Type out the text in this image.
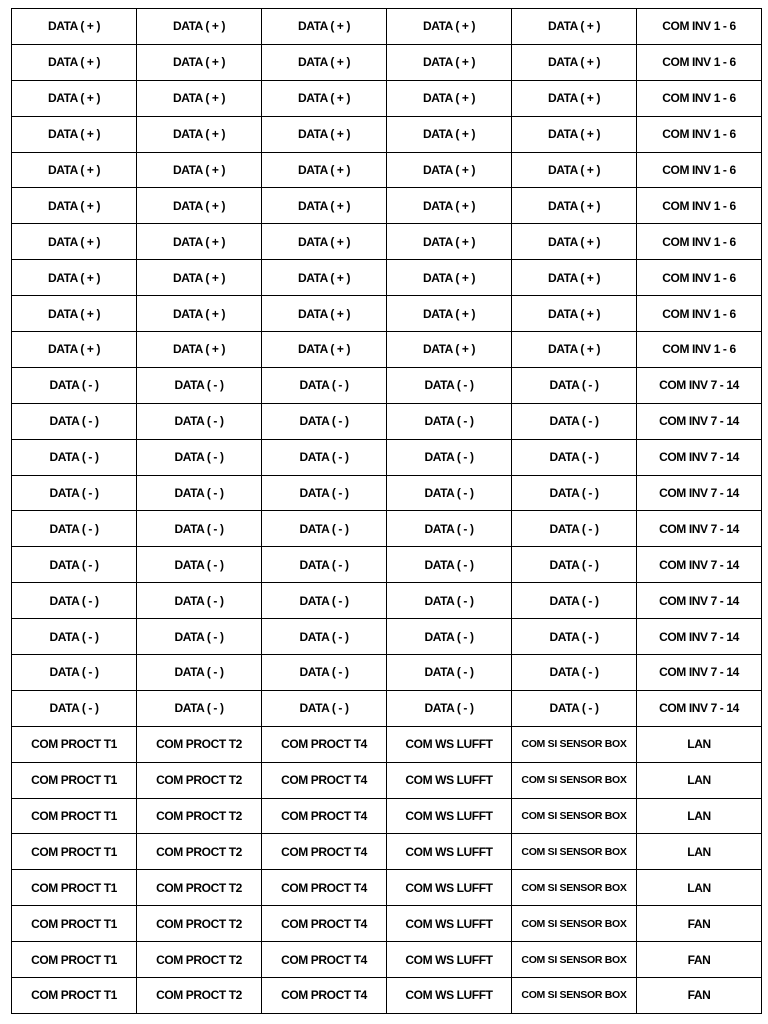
DATA ( + )	DATA ( + )	DATA ( + )	DATA ( + )	DATA ( + )	COM INV 1 - 6
DATA ( + )	DATA ( + )	DATA ( + )	DATA ( + )	DATA ( + )	COM INV 1 - 6
DATA ( + )	DATA ( + )	DATA ( + )	DATA ( + )	DATA ( + )	COM INV 1 - 6
DATA ( + )	DATA ( + )	DATA ( + )	DATA ( + )	DATA ( + )	COM INV 1 - 6
DATA ( + )	DATA ( + )	DATA ( + )	DATA ( + )	DATA ( + )	COM INV 1 - 6
DATA ( + )	DATA ( + )	DATA ( + )	DATA ( + )	DATA ( + )	COM INV 1 - 6
DATA ( + )	DATA ( + )	DATA ( + )	DATA ( + )	DATA ( + )	COM INV 1 - 6
DATA ( + )	DATA ( + )	DATA ( + )	DATA ( + )	DATA ( + )	COM INV 1 - 6
DATA ( + )	DATA ( + )	DATA ( + )	DATA ( + )	DATA ( + )	COM INV 1 - 6
DATA ( + )	DATA ( + )	DATA ( + )	DATA ( + )	DATA ( + )	COM INV 1 - 6
DATA ( - )	DATA ( - )	DATA ( - )	DATA ( - )	DATA ( - )	COM INV 7 - 14
DATA ( - )	DATA ( - )	DATA ( - )	DATA ( - )	DATA ( - )	COM INV 7 - 14
DATA ( - )	DATA ( - )	DATA ( - )	DATA ( - )	DATA ( - )	COM INV 7 - 14
DATA ( - )	DATA ( - )	DATA ( - )	DATA ( - )	DATA ( - )	COM INV 7 - 14
DATA ( - )	DATA ( - )	DATA ( - )	DATA ( - )	DATA ( - )	COM INV 7 - 14
DATA ( - )	DATA ( - )	DATA ( - )	DATA ( - )	DATA ( - )	COM INV 7 - 14
DATA ( - )	DATA ( - )	DATA ( - )	DATA ( - )	DATA ( - )	COM INV 7 - 14
DATA ( - )	DATA ( - )	DATA ( - )	DATA ( - )	DATA ( - )	COM INV 7 - 14
DATA ( - )	DATA ( - )	DATA ( - )	DATA ( - )	DATA ( - )	COM INV 7 - 14
DATA ( - )	DATA ( - )	DATA ( - )	DATA ( - )	DATA ( - )	COM INV 7 - 14
COM PROCT T1	COM PROCT T2	COM PROCT T4	COM WS LUFFT	COM SI SENSOR BOX	LAN
COM PROCT T1	COM PROCT T2	COM PROCT T4	COM WS LUFFT	COM SI SENSOR BOX	LAN
COM PROCT T1	COM PROCT T2	COM PROCT T4	COM WS LUFFT	COM SI SENSOR BOX	LAN
COM PROCT T1	COM PROCT T2	COM PROCT T4	COM WS LUFFT	COM SI SENSOR BOX	LAN
COM PROCT T1	COM PROCT T2	COM PROCT T4	COM WS LUFFT	COM SI SENSOR BOX	LAN
COM PROCT T1	COM PROCT T2	COM PROCT T4	COM WS LUFFT	COM SI SENSOR BOX	FAN
COM PROCT T1	COM PROCT T2	COM PROCT T4	COM WS LUFFT	COM SI SENSOR BOX	FAN
COM PROCT T1	COM PROCT T2	COM PROCT T4	COM WS LUFFT	COM SI SENSOR BOX	FAN
